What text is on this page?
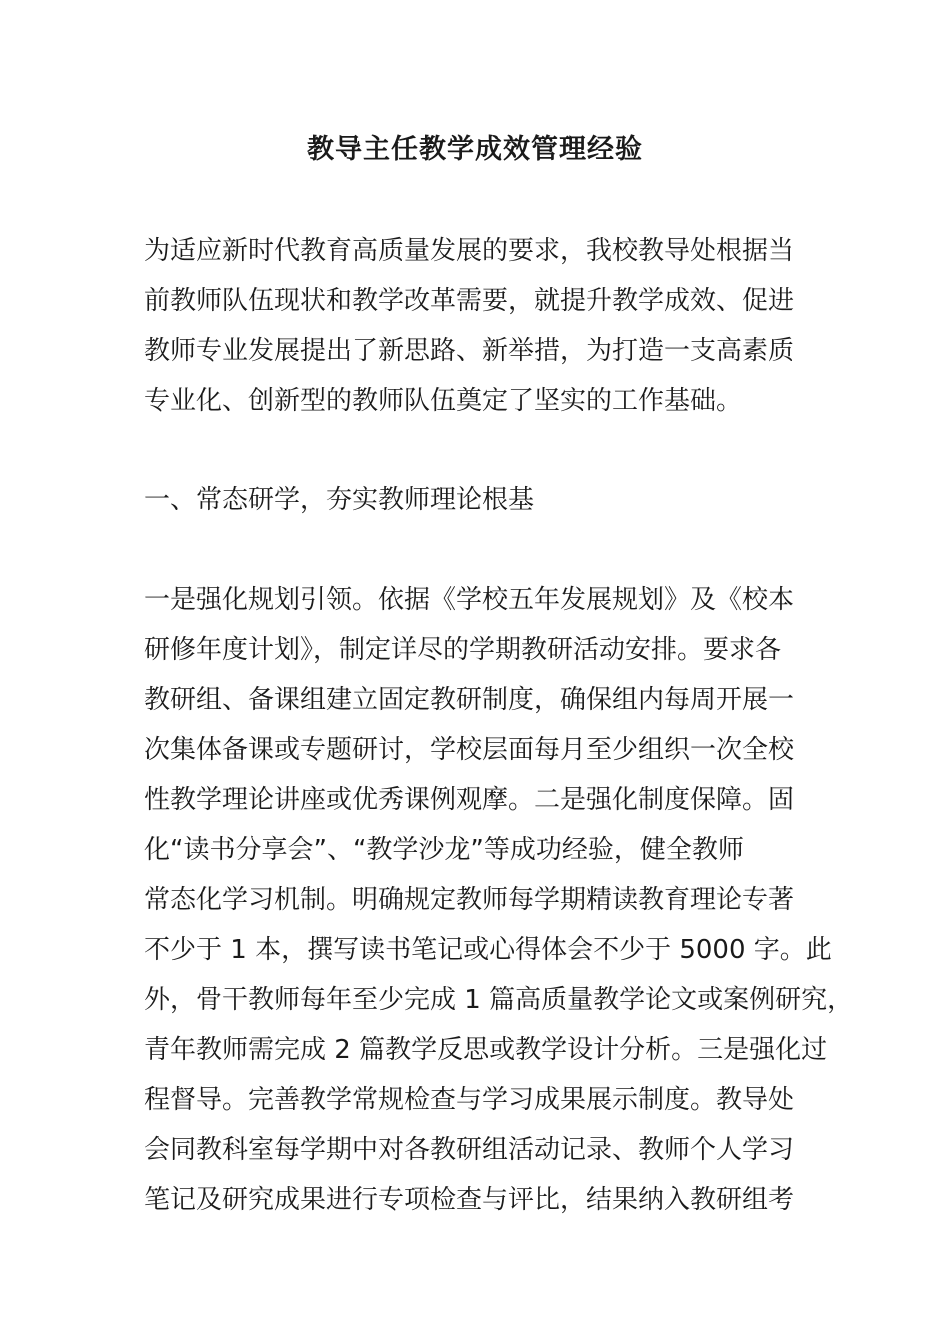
教导主任教学成效管理经验
为适应新时代教育高质量发展的要求，我校教导处根据当
前教师队伍现状和教学改革需要，就提升教学成效、促进
教师专业发展提出了新思路、新举措，为打造一支高素质
专业化、创新型的教师队伍奠定了坚实的工作基础。
一、常态研学，夯实教师理论根基
一是强化规划引领。依据《学校五年发展规划》及《校本
研修年度计划》，制定详尽的学期教研活动安排。要求各
教研组、备课组建立固定教研制度，确保组内每周开展一
次集体备课或专题研讨，学校层面每月至少组织一次全校
性教学理论讲座或优秀课例观摩。二是强化制度保障。固
化“读书分享会”、“教学沙龙”等成功经验，健全教师
常态化学习机制。明确规定教师每学期精读教育理论专著
不少于 1 本，撰写读书笔记或心得体会不少于 5000 字。此
外，骨干教师每年至少完成 1 篇高质量教学论文或案例研究，
青年教师需完成 2 篇教学反思或教学设计分析。三是强化过
程督导。完善教学常规检查与学习成果展示制度。教导处
会同教科室每学期中对各教研组活动记录、教师个人学习
笔记及研究成果进行专项检查与评比，结果纳入教研组考
